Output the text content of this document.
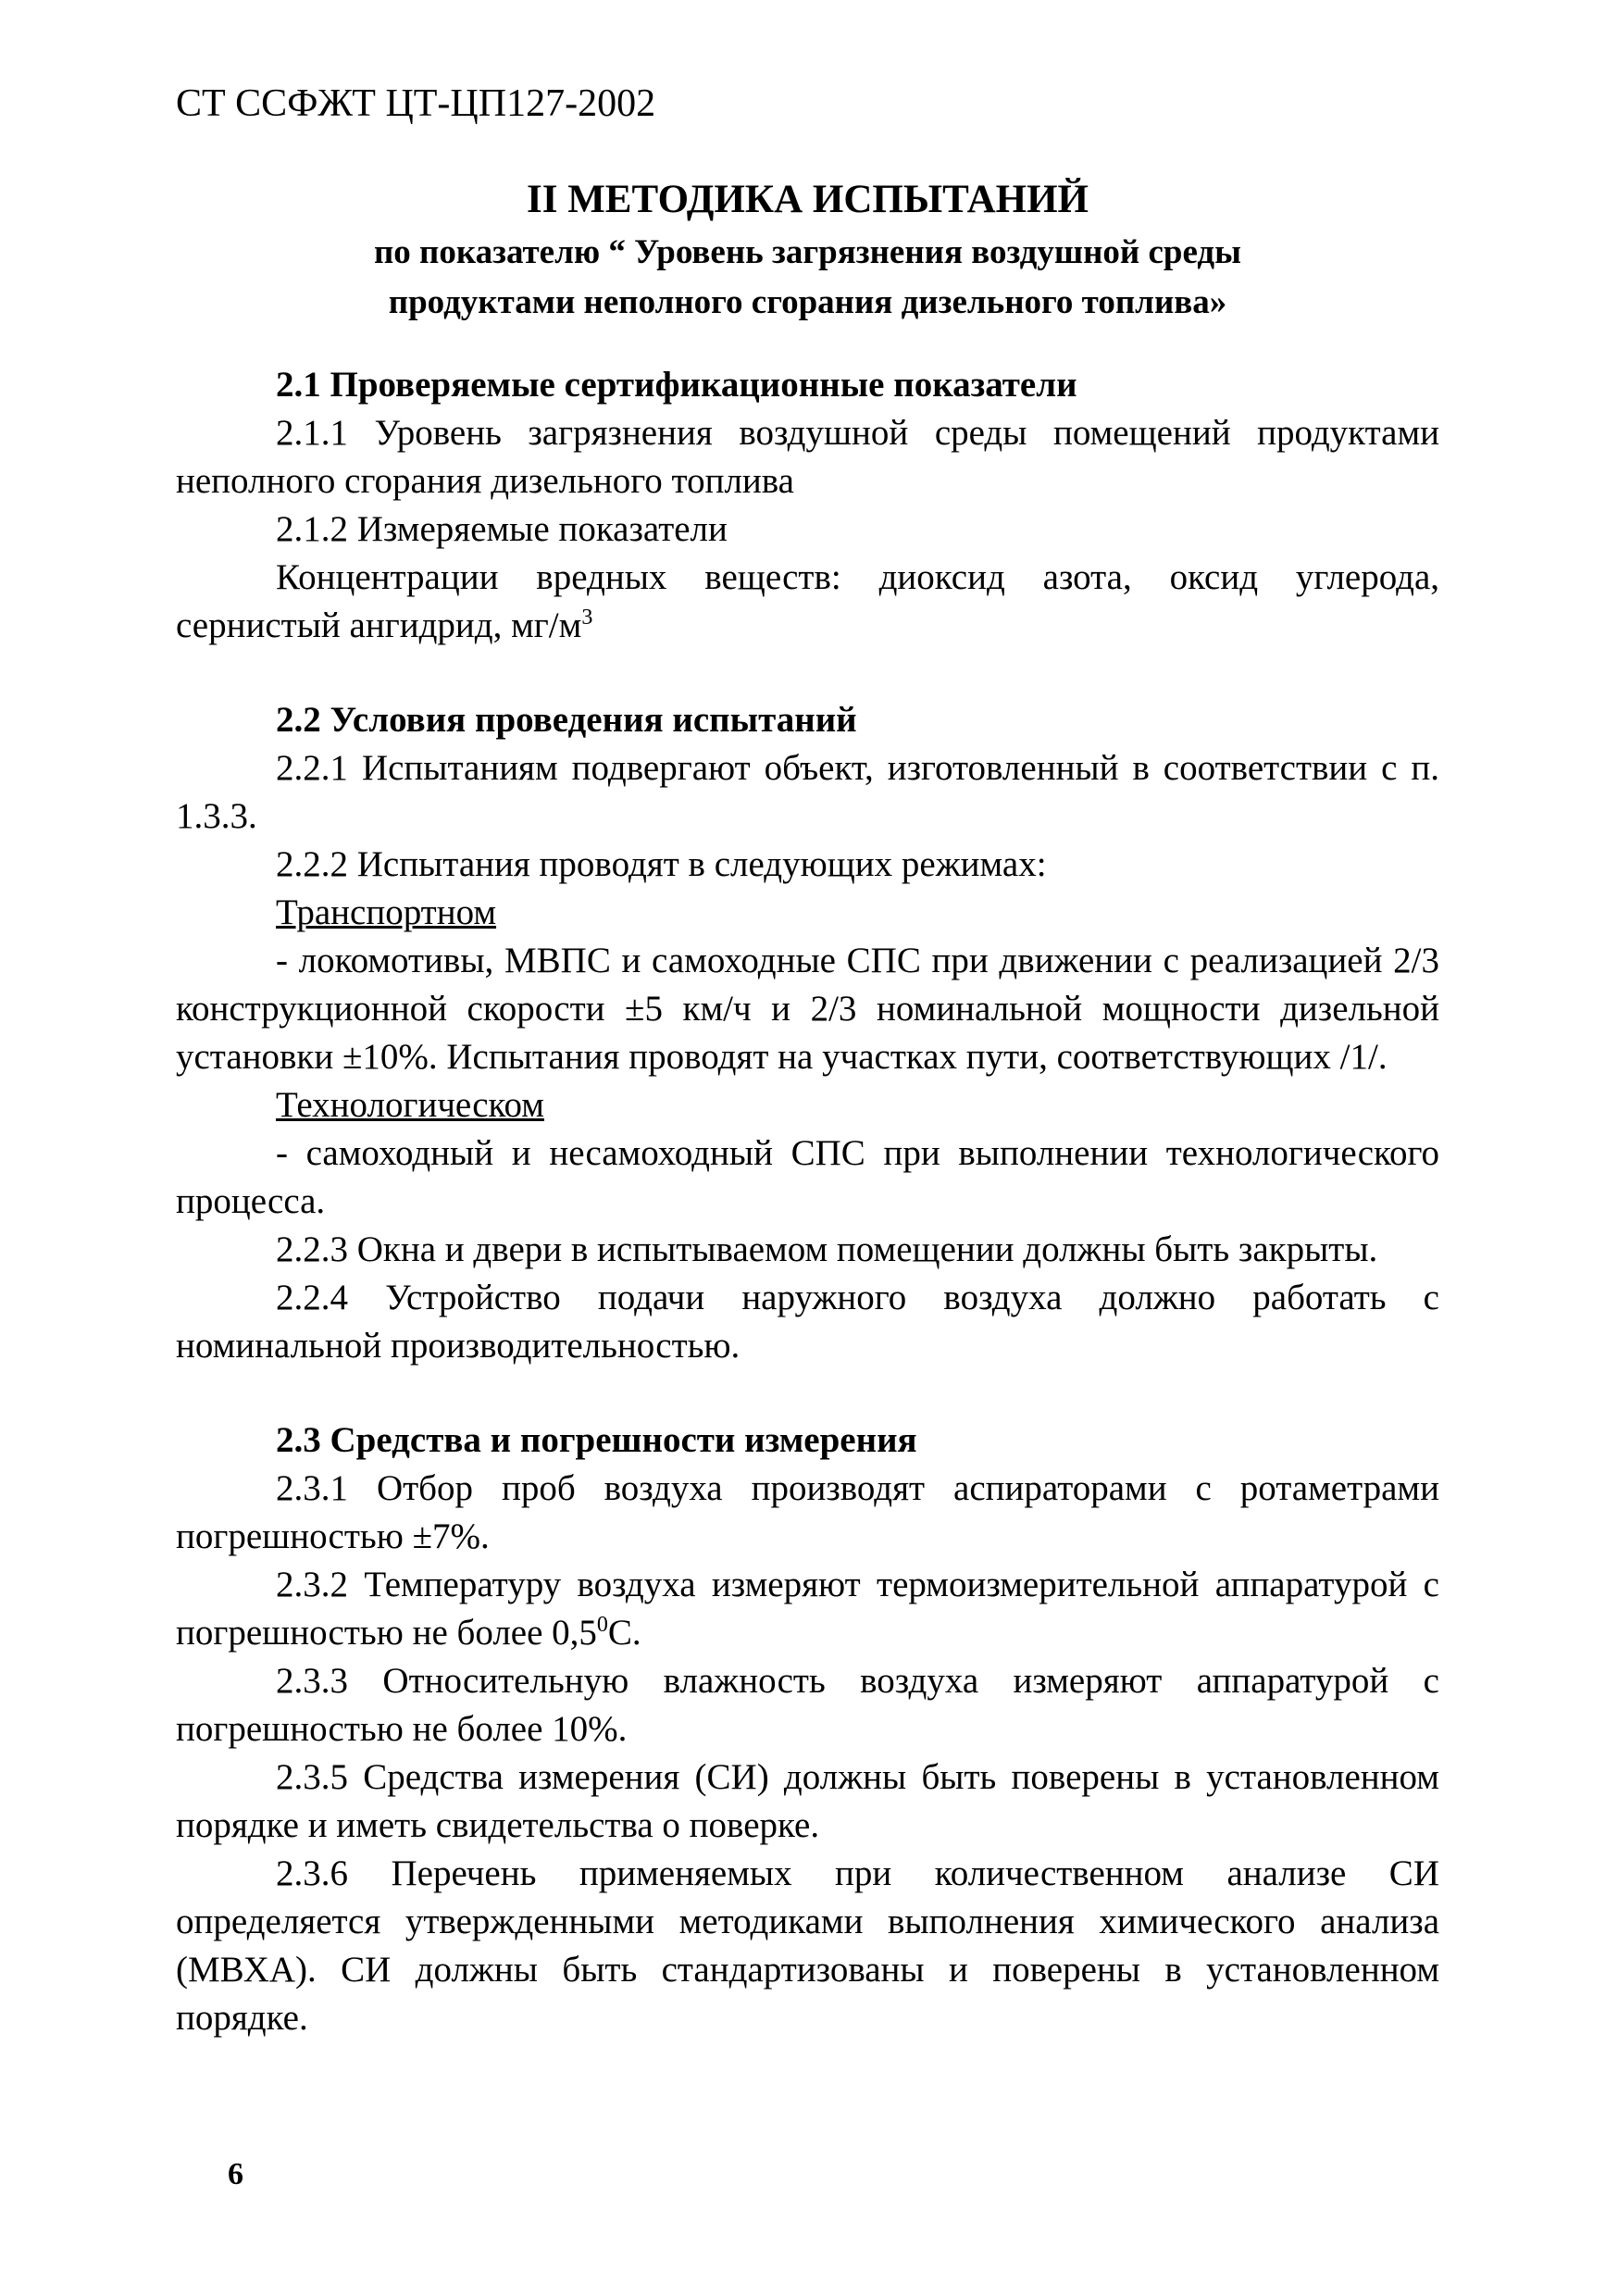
СТ ССФЖТ ЦТ-ЦП127-2002
II МЕТОДИКА ИСПЫТАНИЙ
по показателю “ Уровень загрязнения воздушной среды
продуктами неполного сгорания дизельного топлива»

2.1 Проверяемые сертификационные показатели

2.1.1 Уровень загрязнения воздушной среды помещений продуктами неполного сгорания дизельного топлива

2.1.2 Измеряемые показатели

Концентрации вредных веществ: диоксид азота, оксид углерода, сернистый ангидрид, $мг/м^3$

2.2 Условия проведения испытаний

2.2.1 Испытаниям подвергают объект, изготовленный в соответствии с п. 1.3.3.

2.2.2 Испытания проводят в следующих режимах:

Транспортном

- локомотивы, МВПС и самоходные СПС при движении с реализацией 2/3 конструкционной скорости ±5 км/ч и 2/3 номинальной мощности дизельной установки ±10%. Испытания проводят на участках пути, соответствующих /1/.

Технологическом

- самоходный и несамоходный СПС при выполнении технологического процесса.

2.2.3 Окна и двери в испытываемом помещении должны быть закрыты.

2.2.4 Устройство подачи наружного воздуха должно работать с номинальной производительностью.

2.3 Средства и погрешности измерения

2.3.1 Отбор проб воздуха производят аспираторами с ротаметрами погрешностью ±7%.

2.3.2 Температуру воздуха измеряют термоизмерительной аппаратурой с погрешностью не более $0,5^0С$.

2.3.3 Относительную влажность воздуха измеряют аппаратурой с погрешностью не более 10%.

2.3.5 Средства измерения (СИ) должны быть поверены в установленном порядке и иметь свидетельства о поверке.

2.3.6 Перечень применяемых при количественном анализе СИ определяется утвержденными методиками выполнения химического анализа (МВХА). СИ должны быть стандартизованы и поверены в установленном порядке.

6
